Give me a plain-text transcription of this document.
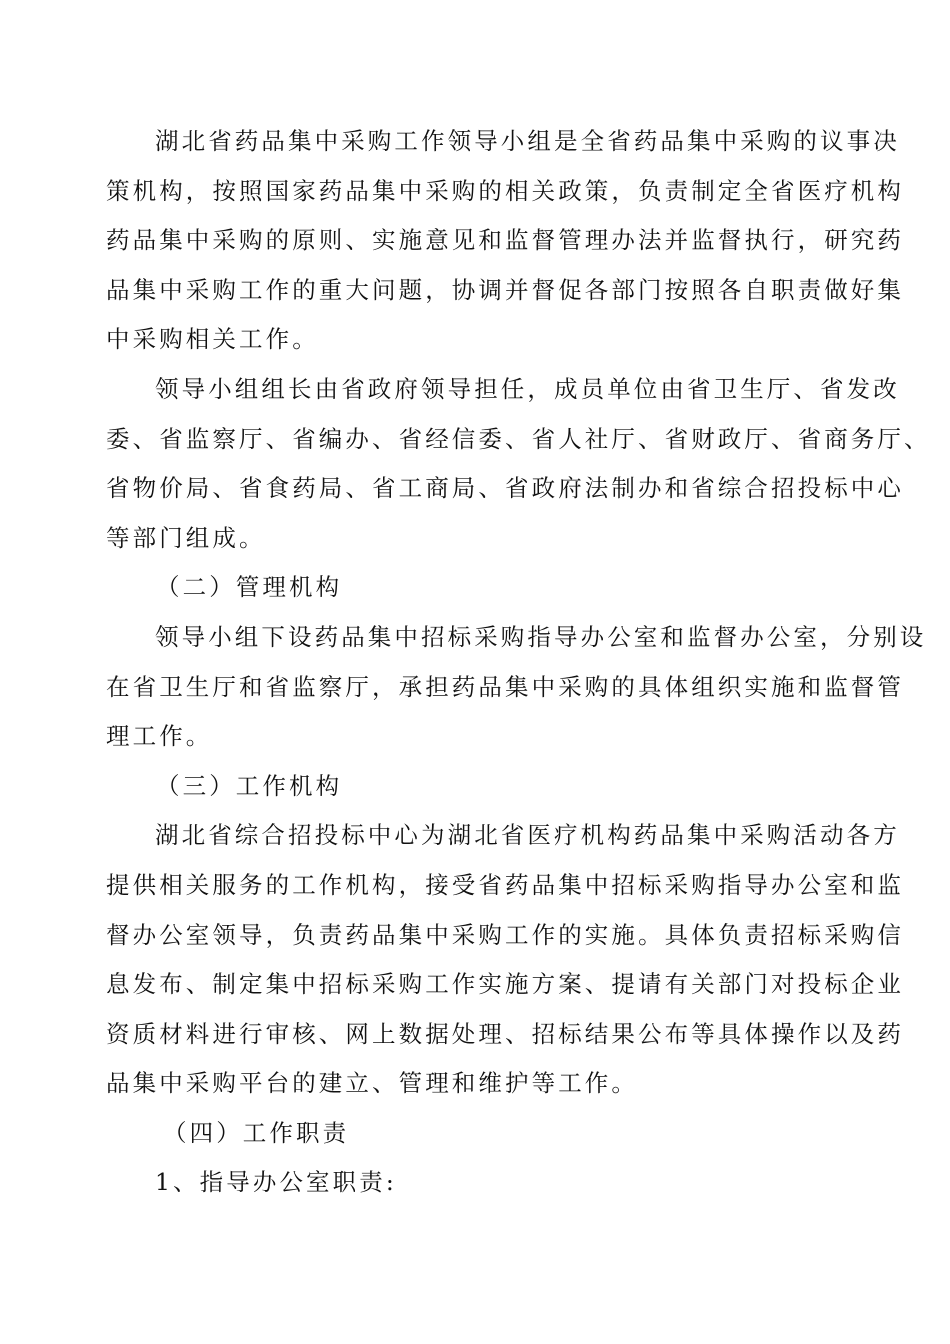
湖北省药品集中采购工作领导小组是全省药品集中采购的议事决
策机构，按照国家药品集中采购的相关政策，负责制定全省医疗机构
药品集中采购的原则、实施意见和监督管理办法并监督执行，研究药
品集中采购工作的重大问题，协调并督促各部门按照各自职责做好集
中采购相关工作。
领导小组组长由省政府领导担任，成员单位由省卫生厅、省发改
委、省监察厅、省编办、省经信委、省人社厅、省财政厅、省商务厅、
省物价局、省食药局、省工商局、省政府法制办和省综合招投标中心
等部门组成。
（二）管理机构
领导小组下设药品集中招标采购指导办公室和监督办公室，分别设
在省卫生厅和省监察厅，承担药品集中采购的具体组织实施和监督管
理工作。
（三）工作机构
湖北省综合招投标中心为湖北省医疗机构药品集中采购活动各方
提供相关服务的工作机构，接受省药品集中招标采购指导办公室和监
督办公室领导，负责药品集中采购工作的实施。具体负责招标采购信
息发布、制定集中招标采购工作实施方案、提请有关部门对投标企业
资质材料进行审核、网上数据处理、招标结果公布等具体操作以及药
品集中采购平台的建立、管理和维护等工作。
（四）工作职责
1、指导办公室职责:
